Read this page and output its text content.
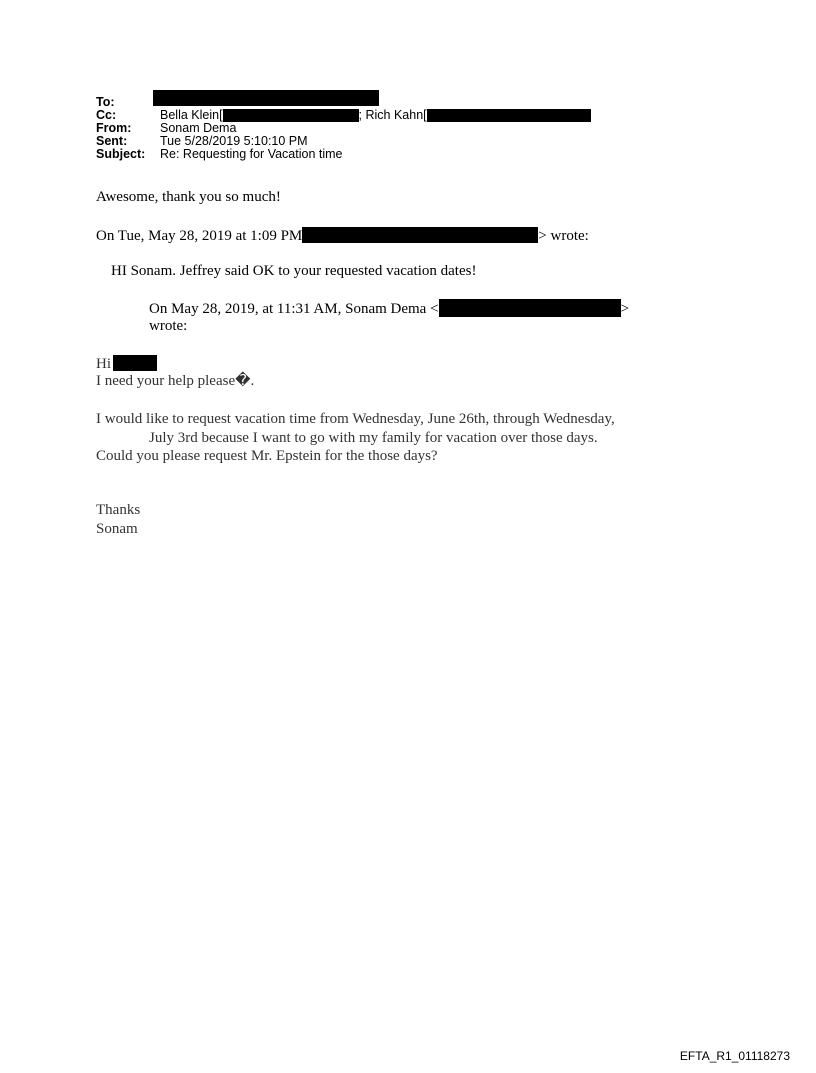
To:
Cc:	Bella Klein[	; Rich Kahn[
From: Sonam Dema
Sent:	Tue 5/28/2019 5:10:10 PM
Subject: Re: Requesting for Vacation time
Awesome, thank you so much!
On Tue, May 28, 2019 at 1:09 PM	> wrote:
HI Sonam. Jeffrey said OK to your requested vacation dates!
On May 28, 2019, at 11:31 AM, Sonam Dema <	>
wrote:
Hi
I need your help please�.
I would like to request vacation time from Wednesday, June 26th, through Wednesday,
July 3rd because I want to go with my family for vacation over those days.
Could you please request Mr. Epstein for the those days?
Thanks
Sonam
EFTA_R1_01118273
